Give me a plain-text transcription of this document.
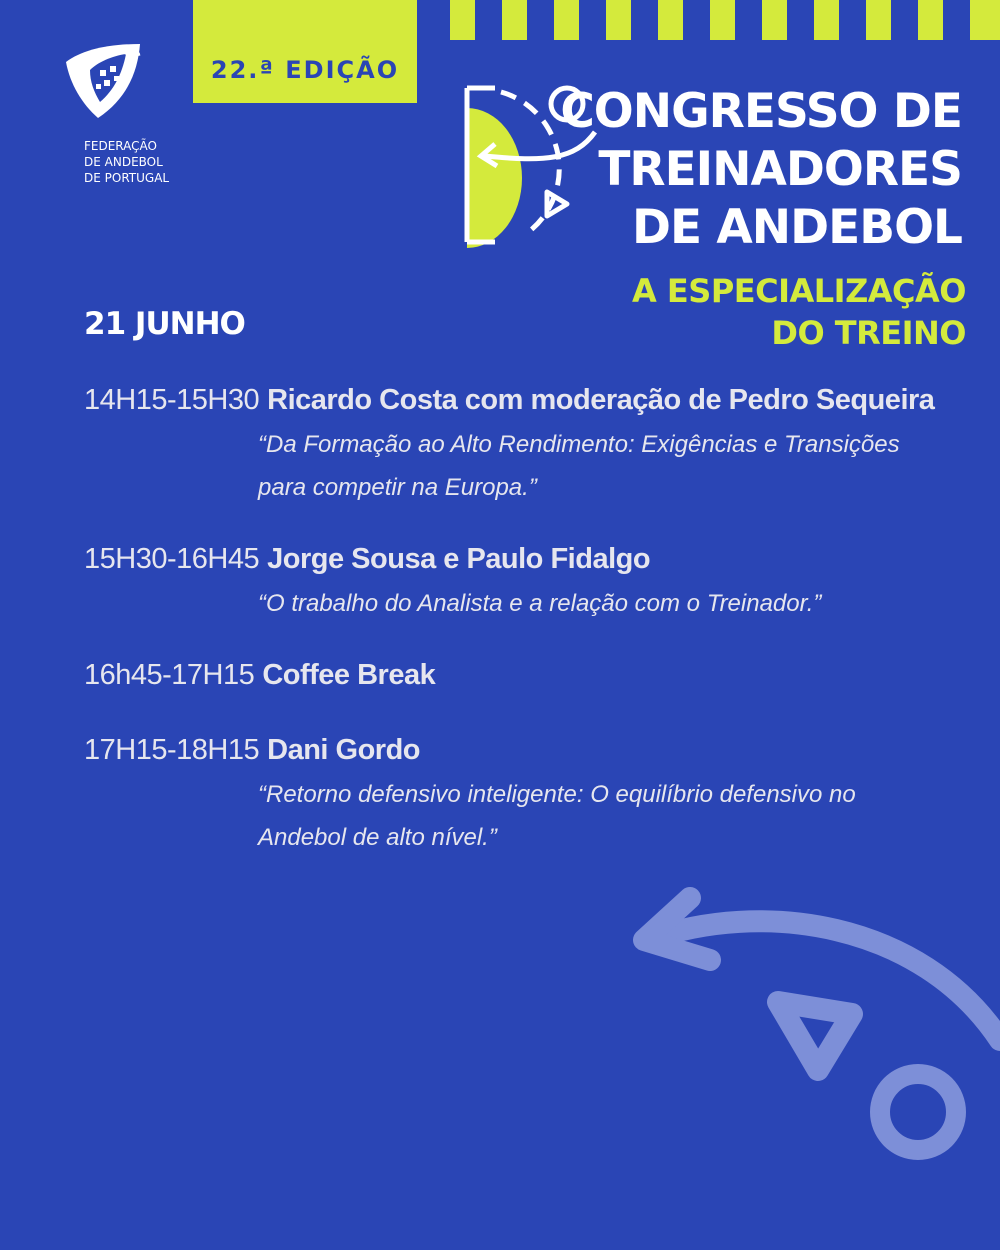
22.ª EDIÇÃO
FEDERAÇÃO
DE ANDEBOL
DE PORTUGAL
CONGRESSO DE
TREINADORES
DE ANDEBOL
A ESPECIALIZAÇÃO
DO TREINO
21 JUNHO
14H15-15H30 Ricardo Costa com moderação de Pedro Sequeira
“Da Formação ao Alto Rendimento: Exigências e Transições
para competir na Europa.”
15H30-16H45 Jorge Sousa e Paulo Fidalgo
“O trabalho do Analista e a relação com o Treinador.”
16h45-17H15 Coffee Break
17H15-18H15 Dani Gordo
“Retorno defensivo inteligente: O equilíbrio defensivo no
Andebol de alto nível.”
